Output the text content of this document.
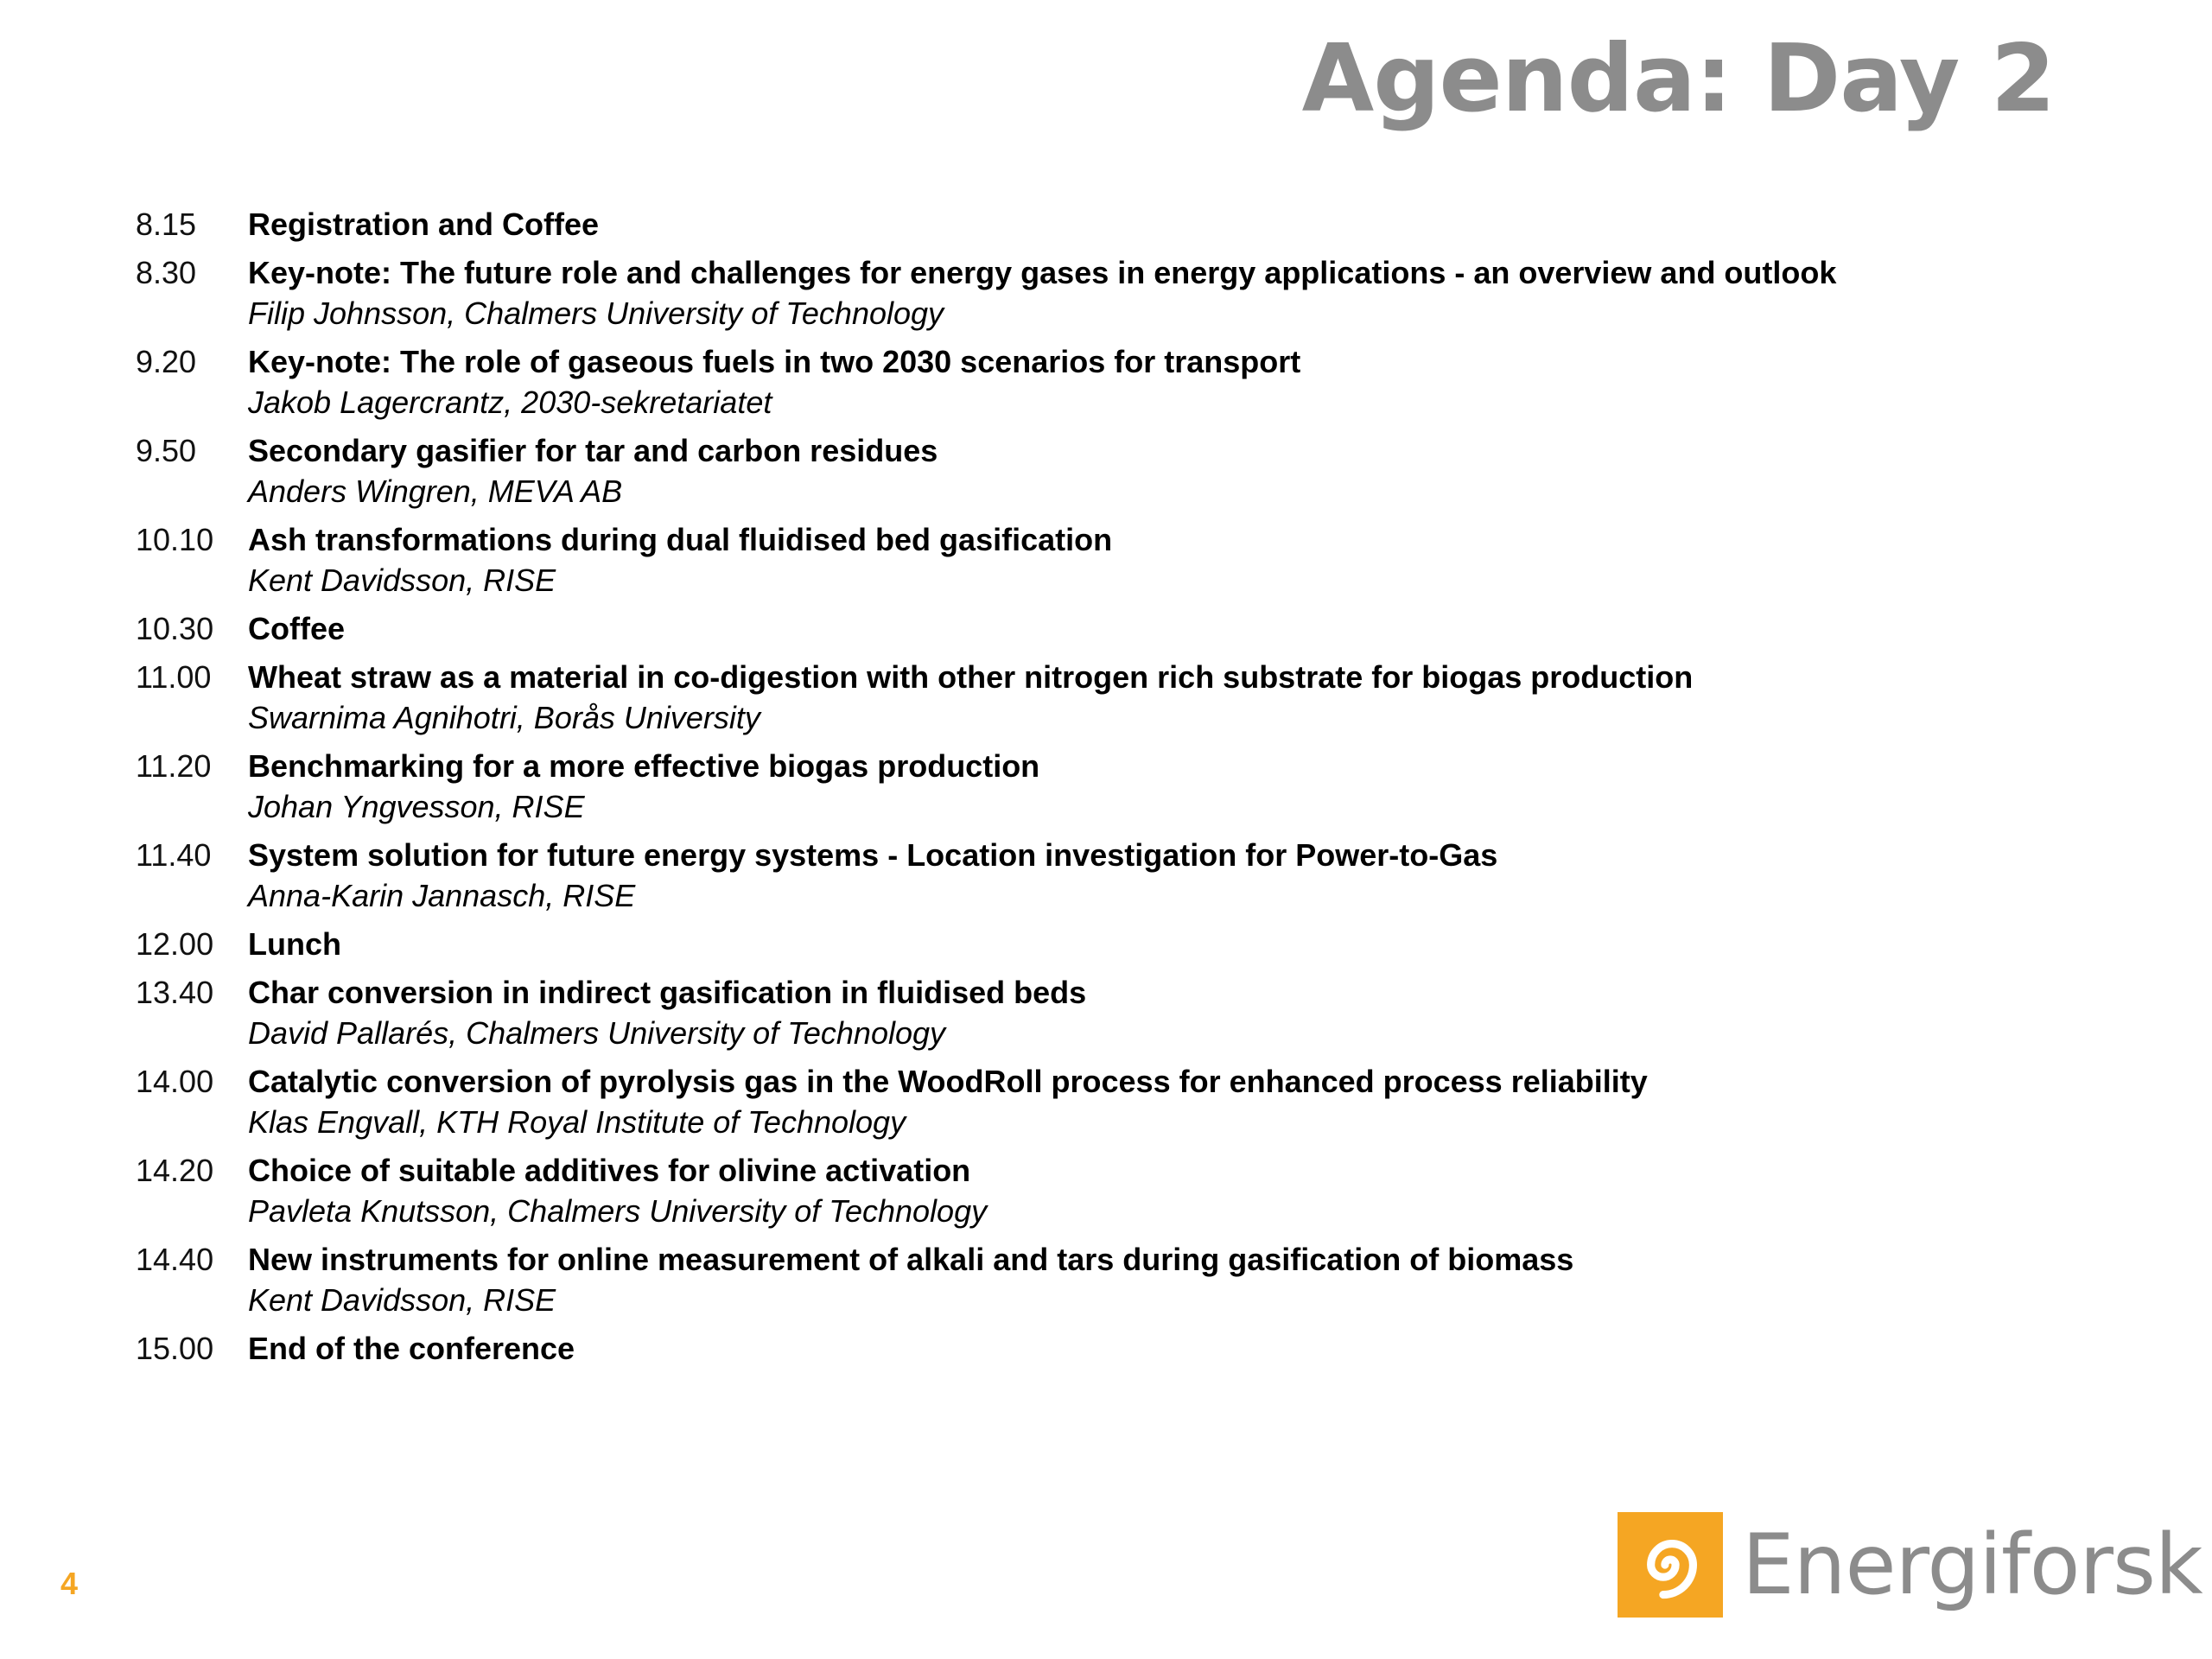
Agenda: Day 2
8.15	Registration and Coffee
8.30	Key-note: The future role and challenges for energy gases in energy applications - an overview and outlook
Filip Johnsson, Chalmers University of Technology
9.20	Key-note: The role of gaseous fuels in two 2030 scenarios for transport
Jakob Lagercrantz, 2030-sekretariatet
9.50	Secondary gasifier for tar and carbon residues
Anders Wingren, MEVA AB
10.10	Ash transformations during dual fluidised bed gasification
Kent Davidsson, RISE
10.30	Coffee
11.00	Wheat straw as a material in co-digestion with other nitrogen rich substrate for biogas production
Swarnima Agnihotri, Borås University
11.20	Benchmarking for a more effective biogas production
Johan Yngvesson, RISE
11.40	System solution for future energy systems - Location investigation for Power-to-Gas
Anna-Karin Jannasch, RISE
12.00	Lunch
13.40	Char conversion in indirect gasification in fluidised beds
David Pallarés, Chalmers University of Technology
14.00	Catalytic conversion of pyrolysis gas in the WoodRoll process for enhanced process reliability
Klas Engvall, KTH Royal Institute of Technology
14.20	Choice of suitable additives for olivine activation
Pavleta Knutsson, Chalmers University of Technology
14.40	New instruments for online measurement of alkali and tars during gasification of biomass
Kent Davidsson, RISE
15.00	End of the conference
4	Energiforsk
